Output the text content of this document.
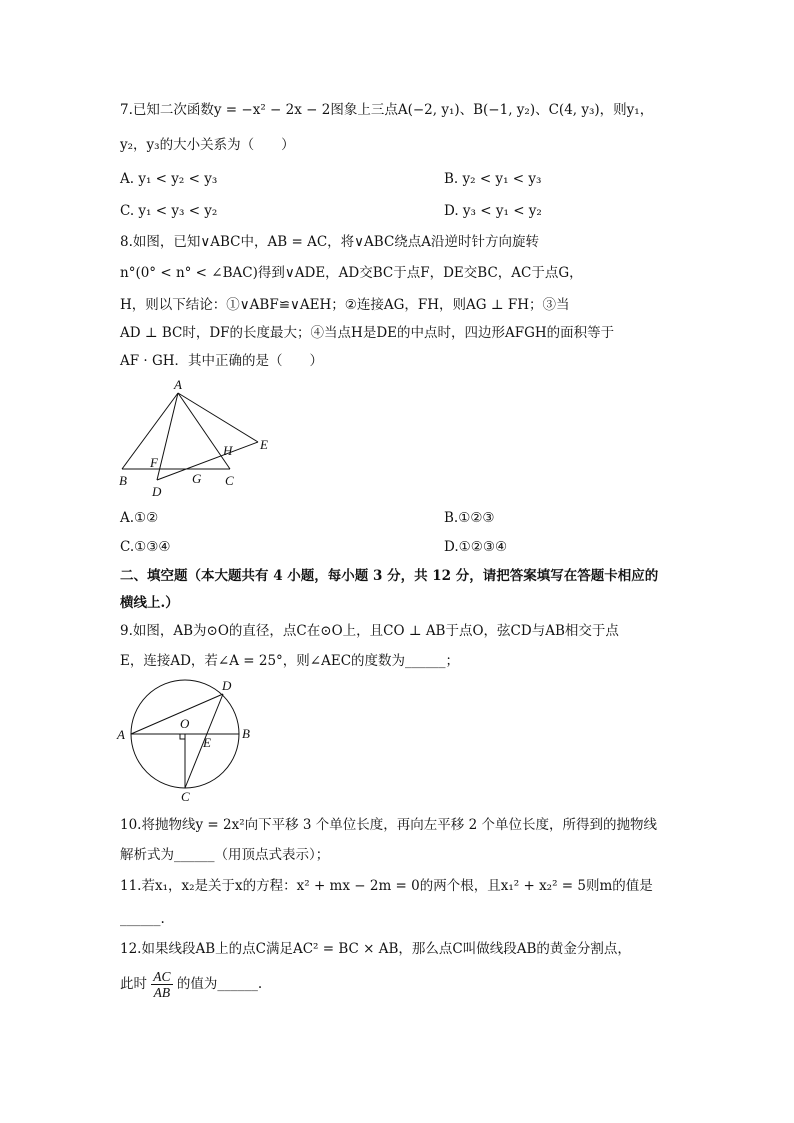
7.已知二次函数y = −x² − 2x − 2图象上三点A(−2, y₁)、B(−1, y₂)、C(4, y₃)，则y₁，
y₂，y₃的大小关系为（　　）
A. y₁ < y₂ < y₃	B. y₂ < y₁ < y₃
C. y₁ < y₃ < y₂	D. y₃ < y₁ < y₂
8.如图，已知∨ABC中，AB = AC，将∨ABC绕点A沿逆时针方向旋转
n°(0° < n° < ∠BAC)得到∨ADE，AD交BC于点F，DE交BC，AC于点G，
H，则以下结论：①∨ABF≌∨AEH；②连接AG，FH，则AG ⊥ FH；③当
AD ⊥ BC时，DF的长度最大；④当点H是DE的中点时，四边形AFGH的面积等于
AF · GH．其中正确的是（　　）
A
B	C
D
E
F
G
H
A.①②	B.①②③
C.①③④	D.①②③④
二、填空题（本大题共有 4 小题，每小题 3 分，共 12 分，请把答案填写在答题卡相应的
横线上.）
9.如图，AB为⊙O的直径，点C在⊙O上，且CO ⊥ AB于点O，弦CD与AB相交于点
E，连接AD，若∠A = 25°，则∠AEC的度数为______；
A	B
C
D
E
O
10.将抛物线y = 2x²向下平移 3 个单位长度，再向左平移 2 个单位长度，所得到的抛物线
解析式为______（用顶点式表示）；
11.若x₁，x₂是关于x的方程：x² + mx − 2m = 0的两个根，且x₁² + x₂² = 5则m的值是
______.
12.如果线段AB上的点C满足AC² = BC × AB，那么点C叫做线段AB的黄金分割点，
此时 $\frac{AC}{AB}$ 的值为______.
